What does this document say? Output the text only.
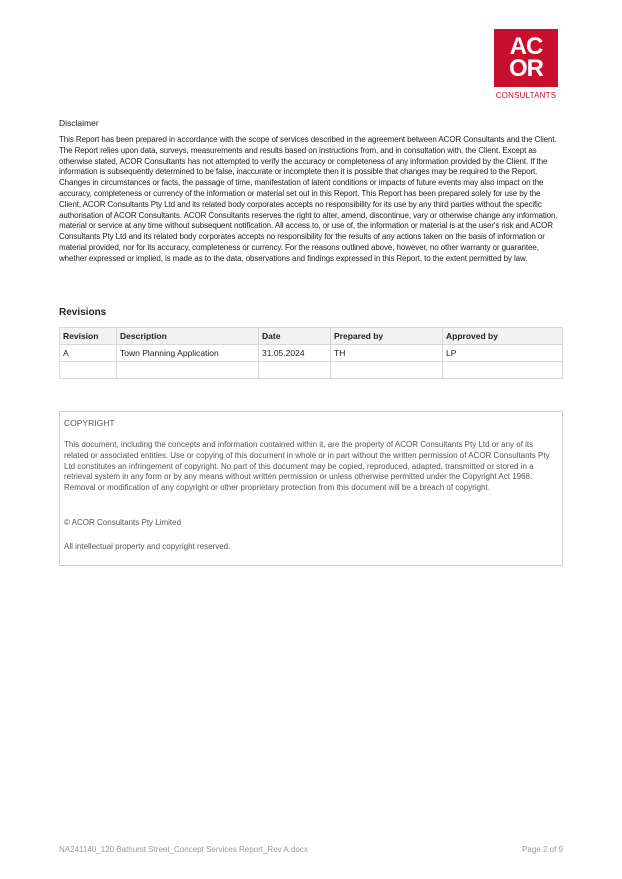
AC
OR
CONSULTANTS
Disclaimer
This Report has been prepared in accordance with the scope of services described in the agreement between ACOR Consultants and the Client. The Report relies upon data, surveys, measurements and results based on instructions from, and in consultation with, the Client. Except as otherwise stated, ACOR Consultants has not attempted to verify the accuracy or completeness of any information provided by the Client. If the information is subsequently determined to be false, inaccurate or incomplete then it is possible that changes may be required to the Report. Changes in circumstances or facts, the passage of time, manifestation of latent conditions or impacts of future events may also impact on the accuracy, completeness or currency of the information or material set out in this Report. This Report has been prepared solely for use by the Client, ACOR Consultants Pty Ltd and its related body corporates accepts no responsibility for its use by any third parties without the specific authorisation of ACOR Consultants. ACOR Consultants reserves the right to alter, amend, discontinue, vary or otherwise change any information, material or service at any time without subsequent notification. All access to, or use of, the information or material is at the user's risk and ACOR Consultants Pty Ltd and its related body corporates accepts no responsibility for the results of any actions taken on the basis of information or material provided, nor for its accuracy, completeness or currency. For the reasons outlined above, however, no other warranty or guarantee, whether expressed or implied, is made as to the data, observations and findings expressed in this Report, to the extent permitted by law.
Revisions
Revision	Description	Date	Prepared by	Approved by
A	Town Planning Application	31.05.2024	TH	LP

COPYRIGHT
This document, including the concepts and information contained within it, are the property of ACOR Consultants Pty Ltd or any of its related or associated entities. Use or copying of this document in whole or in part without the written permission of ACOR Consultants Pty Ltd constitutes an infringement of copyright. No part of this document may be copied, reproduced, adapted, transmitted or stored in a retrieval system in any form or by any means without written permission or unless otherwise permitted under the Copyright Act 1968. Removal or modification of any copyright or other proprietary protection from this document will be a breach of copyright.
© ACOR Consultants Pty Limited
All intellectual property and copyright reserved.
NA241140_120 Bathurst Street_Concept Services Report_Rev A.docx	Page 2 of 9
